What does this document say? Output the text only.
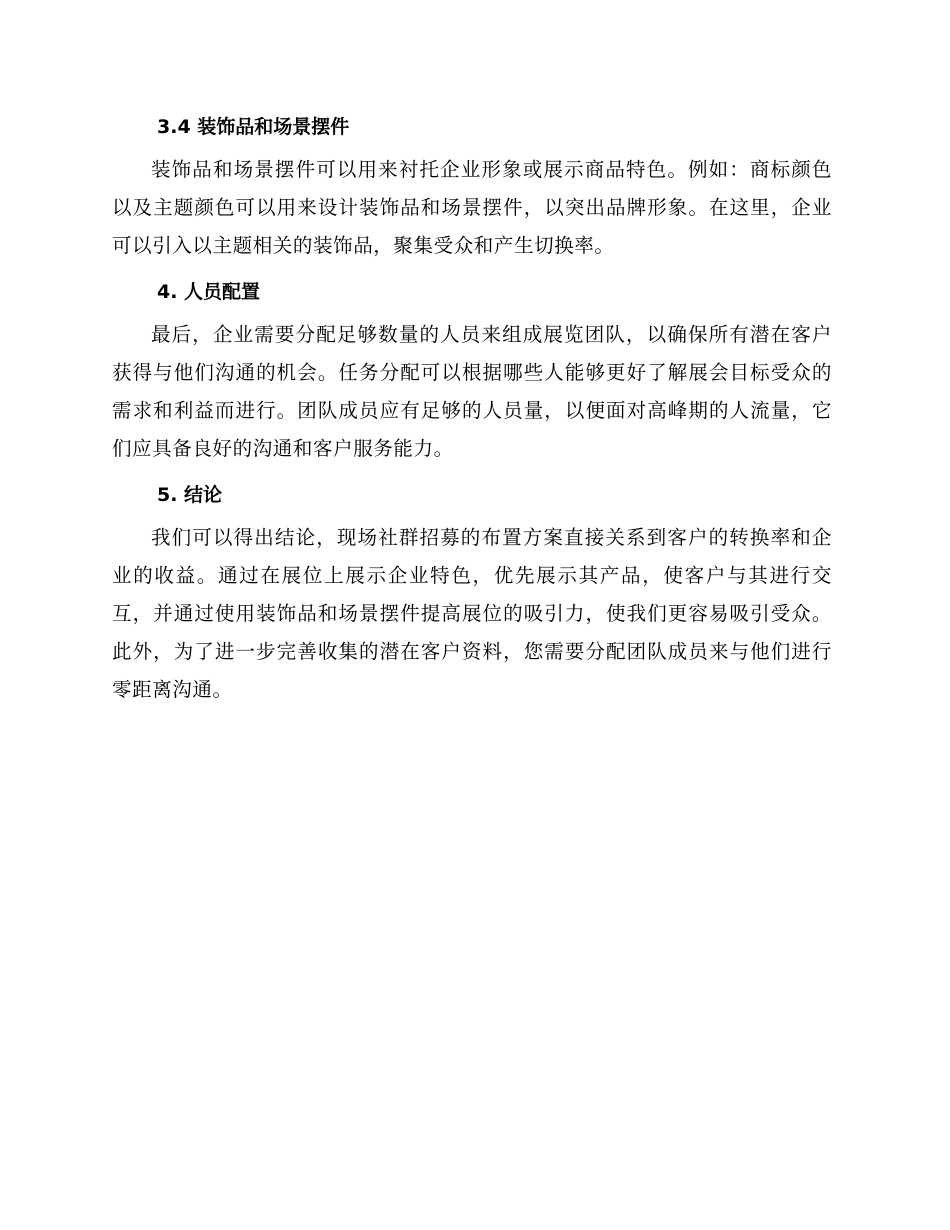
3.4 装饰品和场景摆件

装饰品和场景摆件可以用来衬托企业形象或展示商品特色。例如：商标颜色以及主题颜色可以用来设计装饰品和场景摆件，以突出品牌形象。在这里，企业可以引入以主题相关的装饰品，聚集受众和产生切换率。

4. 人员配置

最后，企业需要分配足够数量的人员来组成展览团队，以确保所有潜在客户获得与他们沟通的机会。任务分配可以根据哪些人能够更好了解展会目标受众的需求和利益而进行。团队成员应有足够的人员量，以便面对高峰期的人流量，它们应具备良好的沟通和客户服务能力。

5. 结论

我们可以得出结论，现场社群招募的布置方案直接关系到客户的转换率和企业的收益。通过在展位上展示企业特色，优先展示其产品，使客户与其进行交互，并通过使用装饰品和场景摆件提高展位的吸引力，使我们更容易吸引受众。此外，为了进一步完善收集的潜在客户资料，您需要分配团队成员来与他们进行零距离沟通。
